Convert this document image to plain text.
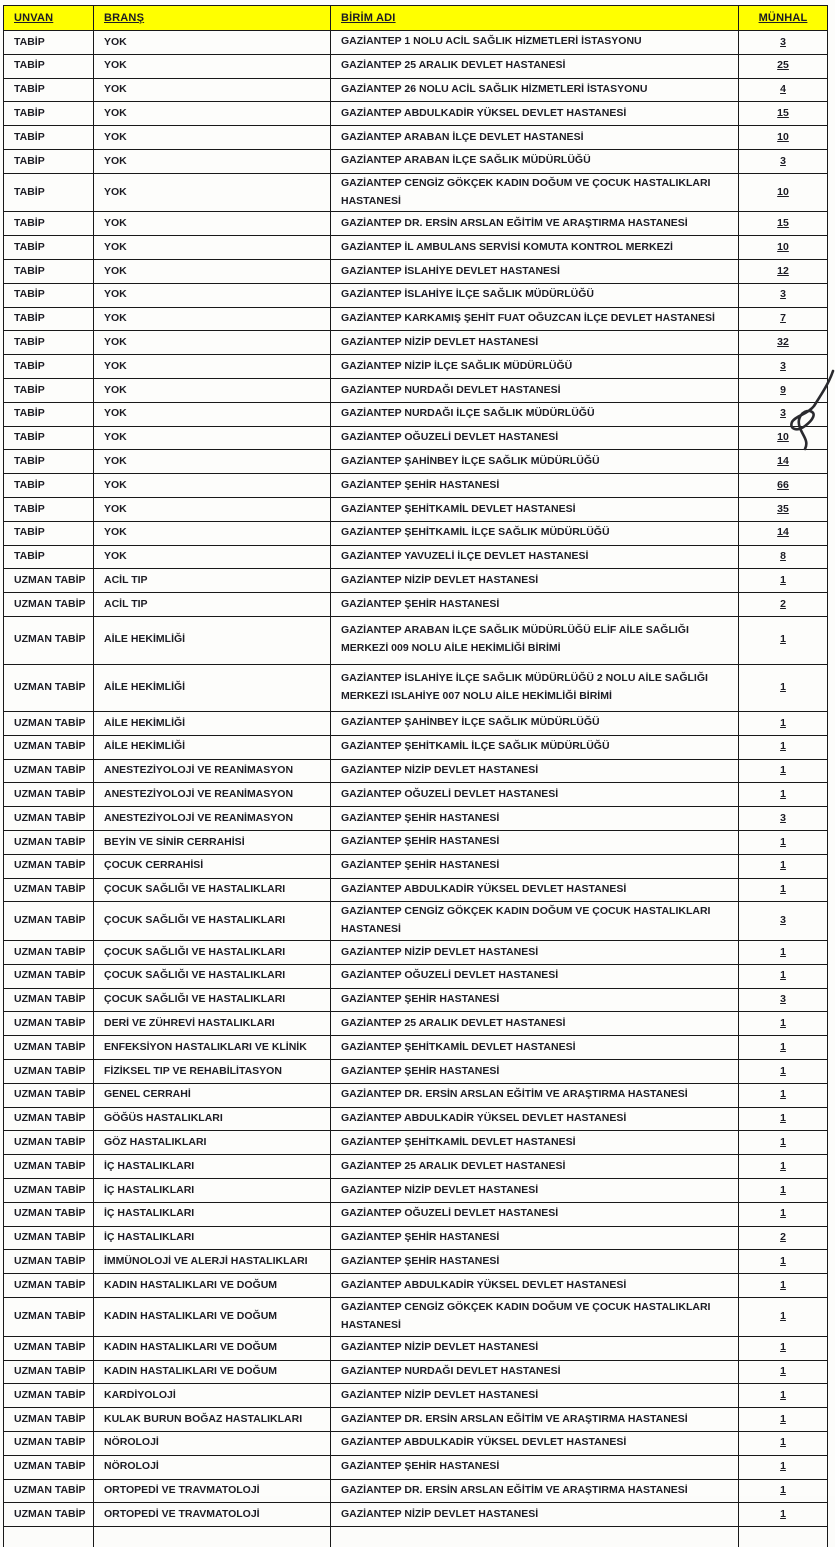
UNVAN	BRANŞ	BİRİM ADI	MÜNHAL
TABİP	YOK	GAZİANTEP 1 NOLU ACİL SAĞLIK HİZMETLERİ İSTASYONU	3
TABİP	YOK	GAZİANTEP 25 ARALIK DEVLET HASTANESİ	25
TABİP	YOK	GAZİANTEP 26 NOLU ACİL SAĞLIK HİZMETLERİ İSTASYONU	4
TABİP	YOK	GAZİANTEP ABDULKADİR YÜKSEL DEVLET HASTANESİ	15
TABİP	YOK	GAZİANTEP ARABAN İLÇE DEVLET HASTANESİ	10
TABİP	YOK	GAZİANTEP ARABAN İLÇE SAĞLIK MÜDÜRLÜĞÜ	3
TABİP	YOK	GAZİANTEP CENGİZ GÖKÇEK KADIN DOĞUM VE ÇOCUK HASTALIKLARI HASTANESİ	10
TABİP	YOK	GAZİANTEP DR. ERSİN ARSLAN EĞİTİM VE ARAŞTIRMA HASTANESİ	15
TABİP	YOK	GAZİANTEP İL AMBULANS SERVİSİ KOMUTA KONTROL MERKEZİ	10
TABİP	YOK	GAZİANTEP İSLAHİYE DEVLET HASTANESİ	12
TABİP	YOK	GAZİANTEP İSLAHİYE İLÇE SAĞLIK MÜDÜRLÜĞÜ	3
TABİP	YOK	GAZİANTEP KARKAMIŞ ŞEHİT FUAT OĞUZCAN İLÇE DEVLET HASTANESİ	7
TABİP	YOK	GAZİANTEP NİZİP DEVLET HASTANESİ	32
TABİP	YOK	GAZİANTEP NİZİP İLÇE SAĞLIK MÜDÜRLÜĞÜ	3
TABİP	YOK	GAZİANTEP NURDAĞI DEVLET HASTANESİ	9
TABİP	YOK	GAZİANTEP NURDAĞI İLÇE SAĞLIK MÜDÜRLÜĞÜ	3
TABİP	YOK	GAZİANTEP OĞUZELİ DEVLET HASTANESİ	10
TABİP	YOK	GAZİANTEP ŞAHİNBEY İLÇE SAĞLIK MÜDÜRLÜĞÜ	14
TABİP	YOK	GAZİANTEP ŞEHİR HASTANESİ	66
TABİP	YOK	GAZİANTEP ŞEHİTKAMİL DEVLET HASTANESİ	35
TABİP	YOK	GAZİANTEP ŞEHİTKAMİL İLÇE SAĞLIK MÜDÜRLÜĞÜ	14
TABİP	YOK	GAZİANTEP YAVUZELİ İLÇE DEVLET HASTANESİ	8
UZMAN TABİP	ACİL TIP	GAZİANTEP NİZİP DEVLET HASTANESİ	1
UZMAN TABİP	ACİL TIP	GAZİANTEP ŞEHİR HASTANESİ	2
UZMAN TABİP	AİLE HEKİMLİĞİ	GAZİANTEP ARABAN İLÇE SAĞLIK MÜDÜRLÜĞÜ ELİF AİLE SAĞLIĞI MERKEZİ 009 NOLU AİLE HEKİMLİĞİ BİRİMİ	1
UZMAN TABİP	AİLE HEKİMLİĞİ	GAZİANTEP İSLAHİYE İLÇE SAĞLIK MÜDÜRLÜĞÜ 2 NOLU AİLE SAĞLIĞI MERKEZİ ISLAHİYE 007 NOLU AİLE HEKİMLİĞİ BİRİMİ	1
UZMAN TABİP	AİLE HEKİMLİĞİ	GAZİANTEP ŞAHİNBEY İLÇE SAĞLIK MÜDÜRLÜĞÜ	1
UZMAN TABİP	AİLE HEKİMLİĞİ	GAZİANTEP ŞEHİTKAMİL İLÇE SAĞLIK MÜDÜRLÜĞÜ	1
UZMAN TABİP	ANESTEZİYOLOJİ VE REANİMASYON	GAZİANTEP NİZİP DEVLET HASTANESİ	1
UZMAN TABİP	ANESTEZİYOLOJİ VE REANİMASYON	GAZİANTEP OĞUZELİ DEVLET HASTANESİ	1
UZMAN TABİP	ANESTEZİYOLOJİ VE REANİMASYON	GAZİANTEP ŞEHİR HASTANESİ	3
UZMAN TABİP	BEYİN VE SİNİR CERRAHİSİ	GAZİANTEP ŞEHİR HASTANESİ	1
UZMAN TABİP	ÇOCUK CERRAHİSİ	GAZİANTEP ŞEHİR HASTANESİ	1
UZMAN TABİP	ÇOCUK SAĞLIĞI VE HASTALIKLARI	GAZİANTEP ABDULKADİR YÜKSEL DEVLET HASTANESİ	1
UZMAN TABİP	ÇOCUK SAĞLIĞI VE HASTALIKLARI	GAZİANTEP CENGİZ GÖKÇEK KADIN DOĞUM VE ÇOCUK HASTALIKLARI HASTANESİ	3
UZMAN TABİP	ÇOCUK SAĞLIĞI VE HASTALIKLARI	GAZİANTEP NİZİP DEVLET HASTANESİ	1
UZMAN TABİP	ÇOCUK SAĞLIĞI VE HASTALIKLARI	GAZİANTEP OĞUZELİ DEVLET HASTANESİ	1
UZMAN TABİP	ÇOCUK SAĞLIĞI VE HASTALIKLARI	GAZİANTEP ŞEHİR HASTANESİ	3
UZMAN TABİP	DERİ VE ZÜHREVİ HASTALIKLARI	GAZİANTEP 25 ARALIK DEVLET HASTANESİ	1
UZMAN TABİP	ENFEKSİYON HASTALIKLARI VE KLİNİK	GAZİANTEP ŞEHİTKAMİL DEVLET HASTANESİ	1
UZMAN TABİP	FİZİKSEL TIP VE REHABİLİTASYON	GAZİANTEP ŞEHİR HASTANESİ	1
UZMAN TABİP	GENEL CERRAHİ	GAZİANTEP DR. ERSİN ARSLAN EĞİTİM VE ARAŞTIRMA HASTANESİ	1
UZMAN TABİP	GÖĞÜS HASTALIKLARI	GAZİANTEP ABDULKADİR YÜKSEL DEVLET HASTANESİ	1
UZMAN TABİP	GÖZ HASTALIKLARI	GAZİANTEP ŞEHİTKAMİL DEVLET HASTANESİ	1
UZMAN TABİP	İÇ HASTALIKLARI	GAZİANTEP 25 ARALIK DEVLET HASTANESİ	1
UZMAN TABİP	İÇ HASTALIKLARI	GAZİANTEP NİZİP DEVLET HASTANESİ	1
UZMAN TABİP	İÇ HASTALIKLARI	GAZİANTEP OĞUZELİ DEVLET HASTANESİ	1
UZMAN TABİP	İÇ HASTALIKLARI	GAZİANTEP ŞEHİR HASTANESİ	2
UZMAN TABİP	İMMÜNOLOJİ VE ALERJİ HASTALIKLARI	GAZİANTEP ŞEHİR HASTANESİ	1
UZMAN TABİP	KADIN HASTALIKLARI VE DOĞUM	GAZİANTEP ABDULKADİR YÜKSEL DEVLET HASTANESİ	1
UZMAN TABİP	KADIN HASTALIKLARI VE DOĞUM	GAZİANTEP CENGİZ GÖKÇEK KADIN DOĞUM VE ÇOCUK HASTALIKLARI HASTANESİ	1
UZMAN TABİP	KADIN HASTALIKLARI VE DOĞUM	GAZİANTEP NİZİP DEVLET HASTANESİ	1
UZMAN TABİP	KADIN HASTALIKLARI VE DOĞUM	GAZİANTEP NURDAĞI DEVLET HASTANESİ	1
UZMAN TABİP	KARDİYOLOJİ	GAZİANTEP NİZİP DEVLET HASTANESİ	1
UZMAN TABİP	KULAK BURUN BOĞAZ HASTALIKLARI	GAZİANTEP DR. ERSİN ARSLAN EĞİTİM VE ARAŞTIRMA HASTANESİ	1
UZMAN TABİP	NÖROLOJİ	GAZİANTEP ABDULKADİR YÜKSEL DEVLET HASTANESİ	1
UZMAN TABİP	NÖROLOJİ	GAZİANTEP ŞEHİR HASTANESİ	1
UZMAN TABİP	ORTOPEDİ VE TRAVMATOLOJİ	GAZİANTEP DR. ERSİN ARSLAN EĞİTİM VE ARAŞTIRMA HASTANESİ	1
UZMAN TABİP	ORTOPEDİ VE TRAVMATOLOJİ	GAZİANTEP NİZİP DEVLET HASTANESİ	1
